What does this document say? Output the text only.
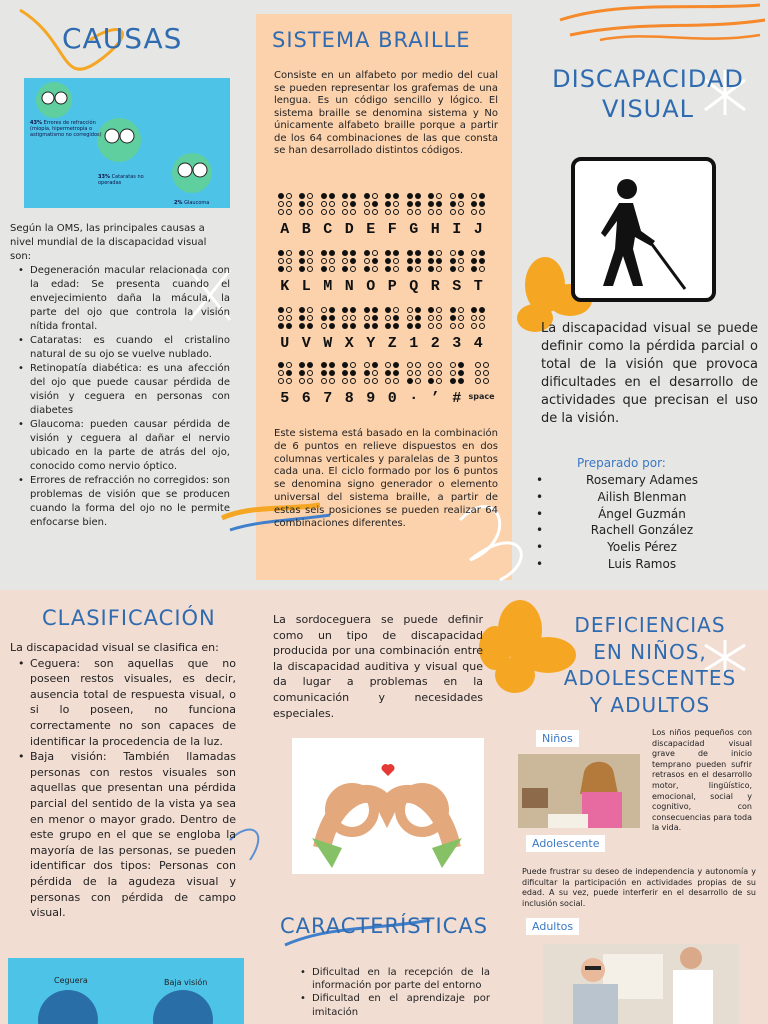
CAUSAS
43% Errores de refracción (miopía, hipermetropía o astigmatismo no corregidos)
33% Cataratas no operadas
2% Glaucoma
Según la OMS, las principales causas a nivel mundial de la discapacidad visual son:
• Degeneración macular relacionada con la edad: Se presenta cuando el envejecimiento daña la mácula, la parte del ojo que controla la visión nítida frontal.
• Cataratas: es cuando el cristalino natural de su ojo se vuelve nublado.
• Retinopatía diabética: es una afección del ojo que puede causar pérdida de visión y ceguera en personas con diabetes
• Glaucoma: pueden causar pérdida de visión y ceguera al dañar el nervio ubicado en la parte de atrás del ojo, conocido como nervio óptico.
• Errores de refracción no corregidos: son problemas de visión que se producen cuando la forma del ojo no le permite enfocarse bien.
SISTEMA BRAILLE
Consiste en un alfabeto por medio del cual se pueden representar los grafemas de una lengua. Es un código sencillo y lógico. El sistema braille se denomina sistema y No únicamente alfabeto braille porque a partir de los 64 combinaciones de las que consta se han desarrollado distintos códigos.
A B C D E F G H I J
K L M N O P Q R S T
U V W X Y Z 1 2 3 4
5 6 7 8 9 0 · ’ # space
Este sistema está basado en la combinación de 6 puntos en relieve dispuestos en dos columnas verticales y paralelas de 3 puntos cada una. El ciclo formado por los 6 puntos se denomina signo generador o elemento universal del sistema braille, a partir de estas seis posiciones se pueden realizar 64 combinaciones diferentes.
DISCAPACIDAD
VISUAL
La discapacidad visual se puede definir como la pérdida parcial o total de la visión que provoca dificultades en el desarrollo de actividades que precisan el uso de la visión.
Preparado por:
• Rosemary Adames
• Ailish Blenman
• Ángel Guzmán
• Rachell González
• Yoelis Pérez
• Luis Ramos
CLASIFICACIÓN
La discapacidad visual se clasifica en:
• Ceguera: son aquellas que no poseen restos visuales, es decir, ausencia total de respuesta visual, o si lo poseen, no funciona correctamente no son capaces de identificar la procedencia de la luz.
• Baja visión: También llamadas personas con restos visuales son aquellas que presentan una pérdida parcial del sentido de la vista ya sea en menor o mayor grado. Dentro de este grupo en el que se engloba la mayoría de las personas, se pueden identificar dos tipos: Personas con pérdida de la agudeza visual y personas con pérdida de campo visual.
Ceguera	Baja visión
La sordoceguera se puede definir como un tipo de discapacidad producida por una combinación entre la discapacidad auditiva y visual que da lugar a problemas en la comunicación y necesidades especiales.
CARACTERÍSTICAS
• Dificultad en la recepción de la información por parte del entorno
• Dificultad en el aprendizaje por imitación
DEFICIENCIAS
EN NIÑOS,
ADOLESCENTES
Y ADULTOS
Niños	Los niños pequeños con discapacidad visual grave de inicio temprano pueden sufrir retrasos en el desarrollo motor, lingüístico, emocional, social y cognitivo, con consecuencias para toda la vida.
Adolescente
Puede frustrar su deseo de independencia y autonomía y dificultar la participación en actividades propias de su edad. A su vez, puede interferir en el desarrollo de su inclusión social.
Adultos
